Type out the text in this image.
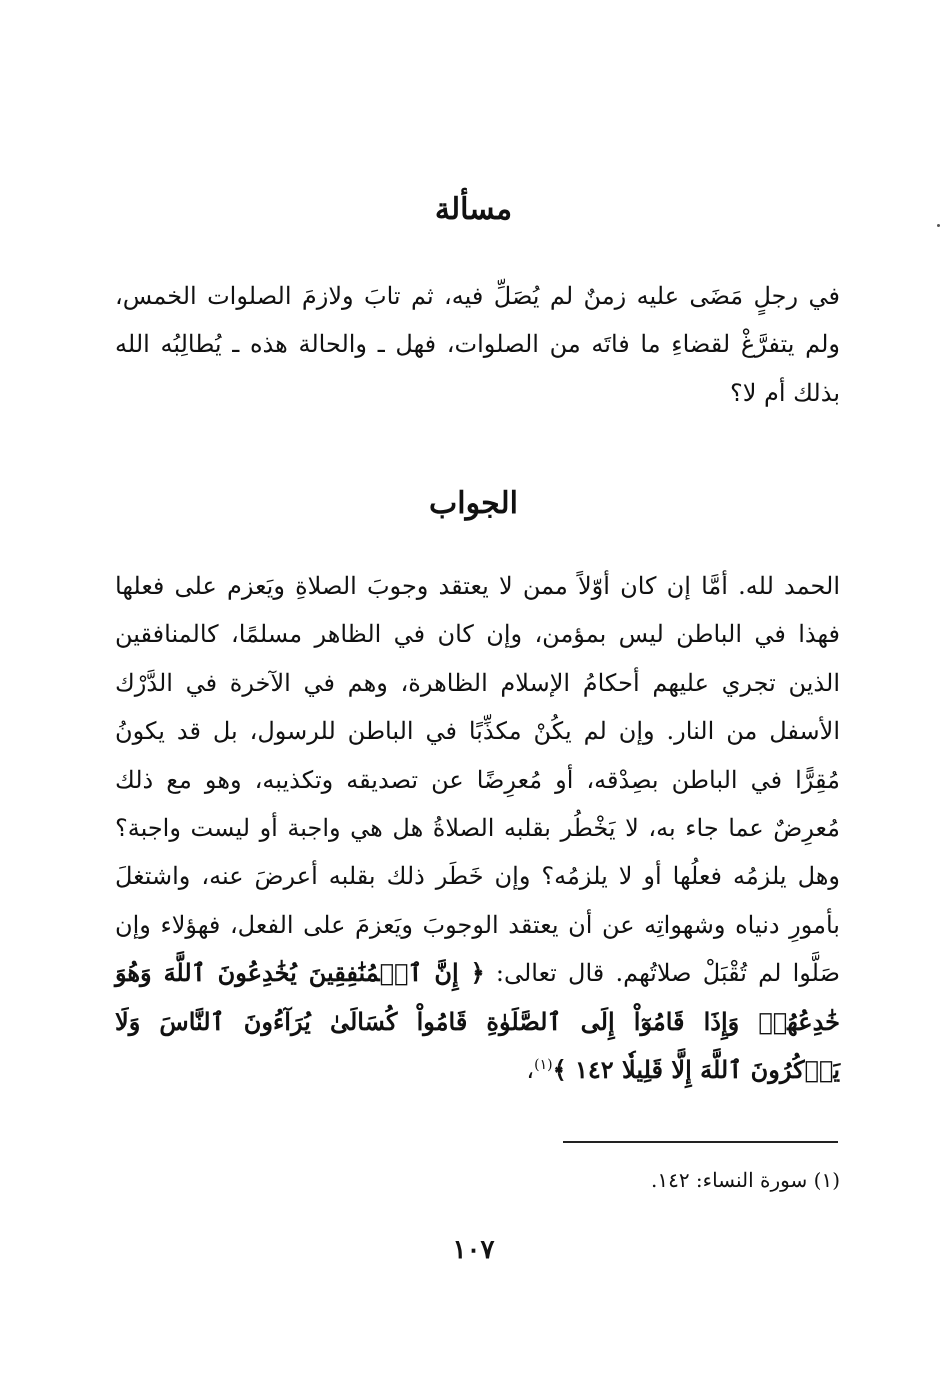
مسألة

في رجلٍ مَضَى عليه زمنٌ لم يُصَلِّ فيه، ثم تابَ ولازمَ الصلوات الخمس، ولم يتفرَّغْ لقضاءِ ما فاتَه من الصلوات، فهل ـ والحالة هذه ـ يُطالِبُه الله بذلك أم لا؟

الجواب

الحمد لله. أمَّا إن كان أوّلاً ممن لا يعتقد وجوبَ الصلاةِ ويَعزم على فعلها فهذا في الباطن ليس بمؤمن، وإن كان في الظاهر مسلمًا، كالمنافقين الذين تجري عليهم أحكامُ الإسلام الظاهرة، وهم في الآخرة في الدَّرْك الأسفل من النار. وإن لم يكُنْ مكذِّبًا في الباطن للرسول، بل قد يكونُ مُقِرًّا في الباطن بصِدْقه، أو مُعرِضًا عن تصديقه وتكذيبه، وهو مع ذلك مُعرِضٌ عما جاء به، لا يَخْطُر بقلبه الصلاةُ هل هي واجبة أو ليست واجبة؟ وهل يلزمُه فعلُها أو لا يلزمُه؟ وإن خَطَر ذلك بقلبه أعرضَ عنه، واشتغلَ بأمورِ دنياه وشهواتِه عن أن يعتقد الوجوبَ ويَعزمَ على الفعل، فهؤلاء وإن صَلَّوا لم تُقْبَلْ صلاتُهم. قال تعالى: ﴿ إِنَّ ٱلۡمُنَٰفِقِينَ يُخَٰدِعُونَ ٱللَّهَ وَهُوَ خَٰدِعُهُمۡ وَإِذَا قَامُوٓاْ إِلَى ٱلصَّلَوٰةِ قَامُواْ كُسَالَىٰ يُرَآءُونَ ٱلنَّاسَ وَلَا يَذۡكُرُونَ ٱللَّهَ إِلَّا قَلِيلٗا ١٤٢ ﴾$^{(١)}$،

(١) سورة النساء: ١٤٢.
١٠٧
